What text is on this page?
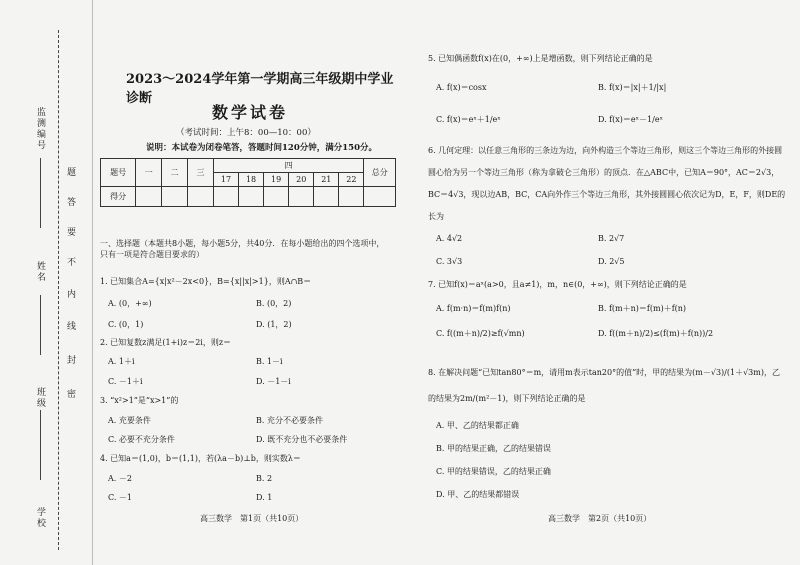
监测编号
姓 名
班 级
学 校
题
答
要
不
内
线
封
密
2023～2024学年第一学期高三年级期中学业诊断
数学试卷
（考试时间：上午8：00—10：00）
说明：本试卷为闭卷笔答，答题时间120分钟，满分150分。
题号	一	二	三	四						总分
				17	18	19	20	21	22	
得分										
一、选择题（本题共8小题，每小题5分，共40分．在每小题给出的四个选项中，只有一项是符合题目要求的）
1. 已知集合A={x|x²－2x<0}，B={x||x|>1}，则A∩B＝
A. (0，+∞)	B. (0，2)
C. (0，1)	D. (1，2)
2. 已知复数z满足(1+i)z＝2i，则z＝
A. 1＋i	B. 1－i
C. －1＋i	D. －1－i
3. “x²>1”是“x>1”的
A. 充要条件	B. 充分不必要条件
C. 必要不充分条件	D. 既不充分也不必要条件
4. 已知a＝(1,0)，b＝(1,1)，若(λa－b)⊥b，则实数λ＝
A. －2	B. 2
C. －1	D. 1
高三数学　第1页（共10页）
5. 已知偶函数f(x)在(0，+∞)上是增函数，则下列结论正确的是
A. f(x)＝cosx	B. f(x)＝|x|＋1/|x|
C. f(x)＝eˣ＋1/eˣ	D. f(x)＝eˣ－1/eˣ
6. 几何定理：以任意三角形的三条边为边，向外构造三个等边三角形，则这三个等边三角形的外接圆圆心恰为另一个等边三角形（称为拿破仑三角形）的顶点．在△ABC中，已知A＝90°，AC＝2√3，BC＝4√3，现以边AB，BC，CA向外作三个等边三角形，其外接圆圆心依次记为D，E，F，则DE的长为
A. 4√2	B. 2√7
C. 3√3	D. 2√5
7. 已知f(x)＝aˣ(a>0，且a≠1)，m，n∈(0，+∞)，则下列结论正确的是
A. f(m·n)＝f(m)f(n)	B. f(m＋n)＝f(m)＋f(n)
C. f((m＋n)/2)≥f(√mn)	D. f((m＋n)/2)≤(f(m)＋f(n))/2
8. 在解决问题“已知tan80°＝m，请用m表示tan20°的值”时，甲的结果为(m－√3)/(1＋√3m)，乙的结果为2m/(m²－1)，则下列结论正确的是
A. 甲、乙的结果都正确
B. 甲的结果正确，乙的结果错误
C. 甲的结果错误，乙的结果正确
D. 甲、乙的结果都错误
高三数学　第2页（共10页）
